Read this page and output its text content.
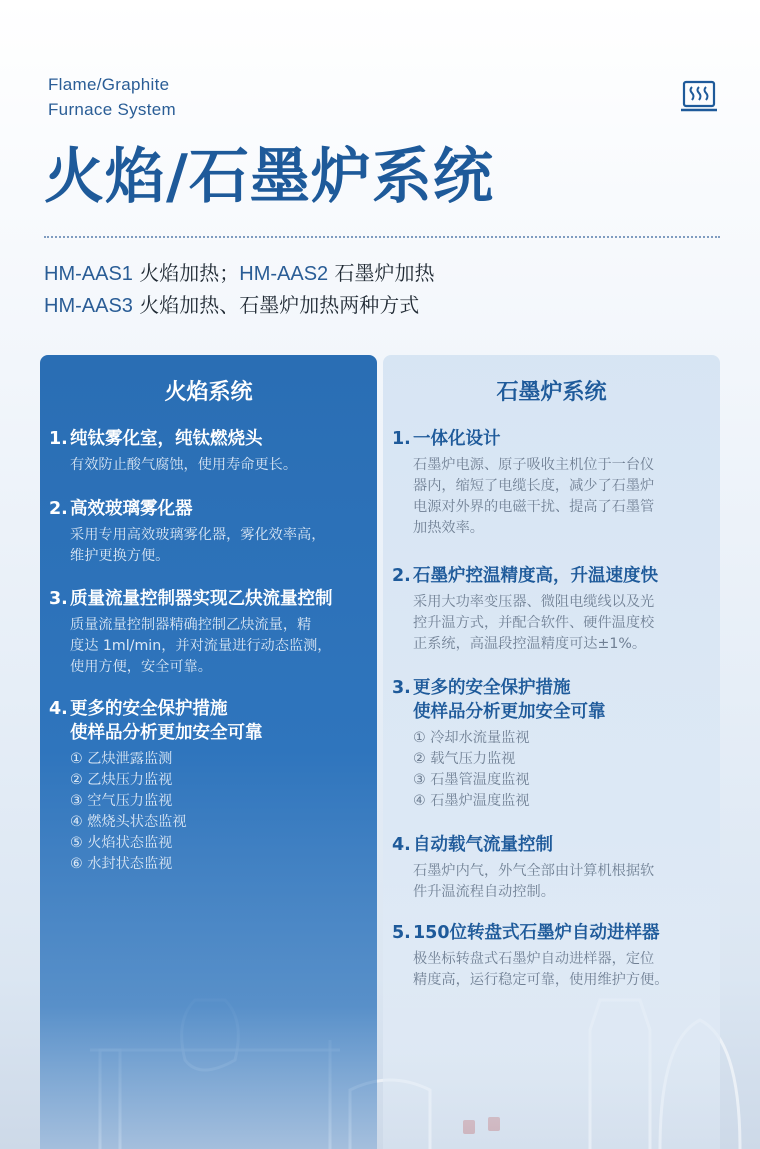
Flame/Graphite
Furnace System
火焰/石墨炉系统
HM-AAS1 火焰加热；HM-AAS2 石墨炉加热
HM-AAS3 火焰加热、石墨炉加热两种方式
火焰系统
1. 纯钛雾化室，纯钛燃烧头
有效防止酸气腐蚀，使用寿命更长。
2. 高效玻璃雾化器
采用专用高效玻璃雾化器，雾化效率高，
维护更换方便。
3. 质量流量控制器实现乙炔流量控制
质量流量控制器精确控制乙炔流量，精
度达 1ml/min，并对流量进行动态监测，
使用方便，安全可靠。
4. 更多的安全保护措施
使样品分析更加安全可靠
① 乙炔泄露监测
② 乙炔压力监视
③ 空气压力监视
④ 燃烧头状态监视
⑤ 火焰状态监视
⑥ 水封状态监视
石墨炉系统
1. 一体化设计
石墨炉电源、原子吸收主机位于一台仪
器内，缩短了电缆长度，减少了石墨炉
电源对外界的电磁干扰、提高了石墨管
加热效率。
2. 石墨炉控温精度高，升温速度快
采用大功率变压器、微阻电缆线以及光
控升温方式，并配合软件、硬件温度校
正系统，高温段控温精度可达±1%。
3. 更多的安全保护措施
使样品分析更加安全可靠
① 冷却水流量监视
② 载气压力监视
③ 石墨管温度监视
④ 石墨炉温度监视
4. 自动载气流量控制
石墨炉内气，外气全部由计算机根据软
件升温流程自动控制。
5. 150位转盘式石墨炉自动进样器
极坐标转盘式石墨炉自动进样器，定位
精度高，运行稳定可靠，使用维护方便。
